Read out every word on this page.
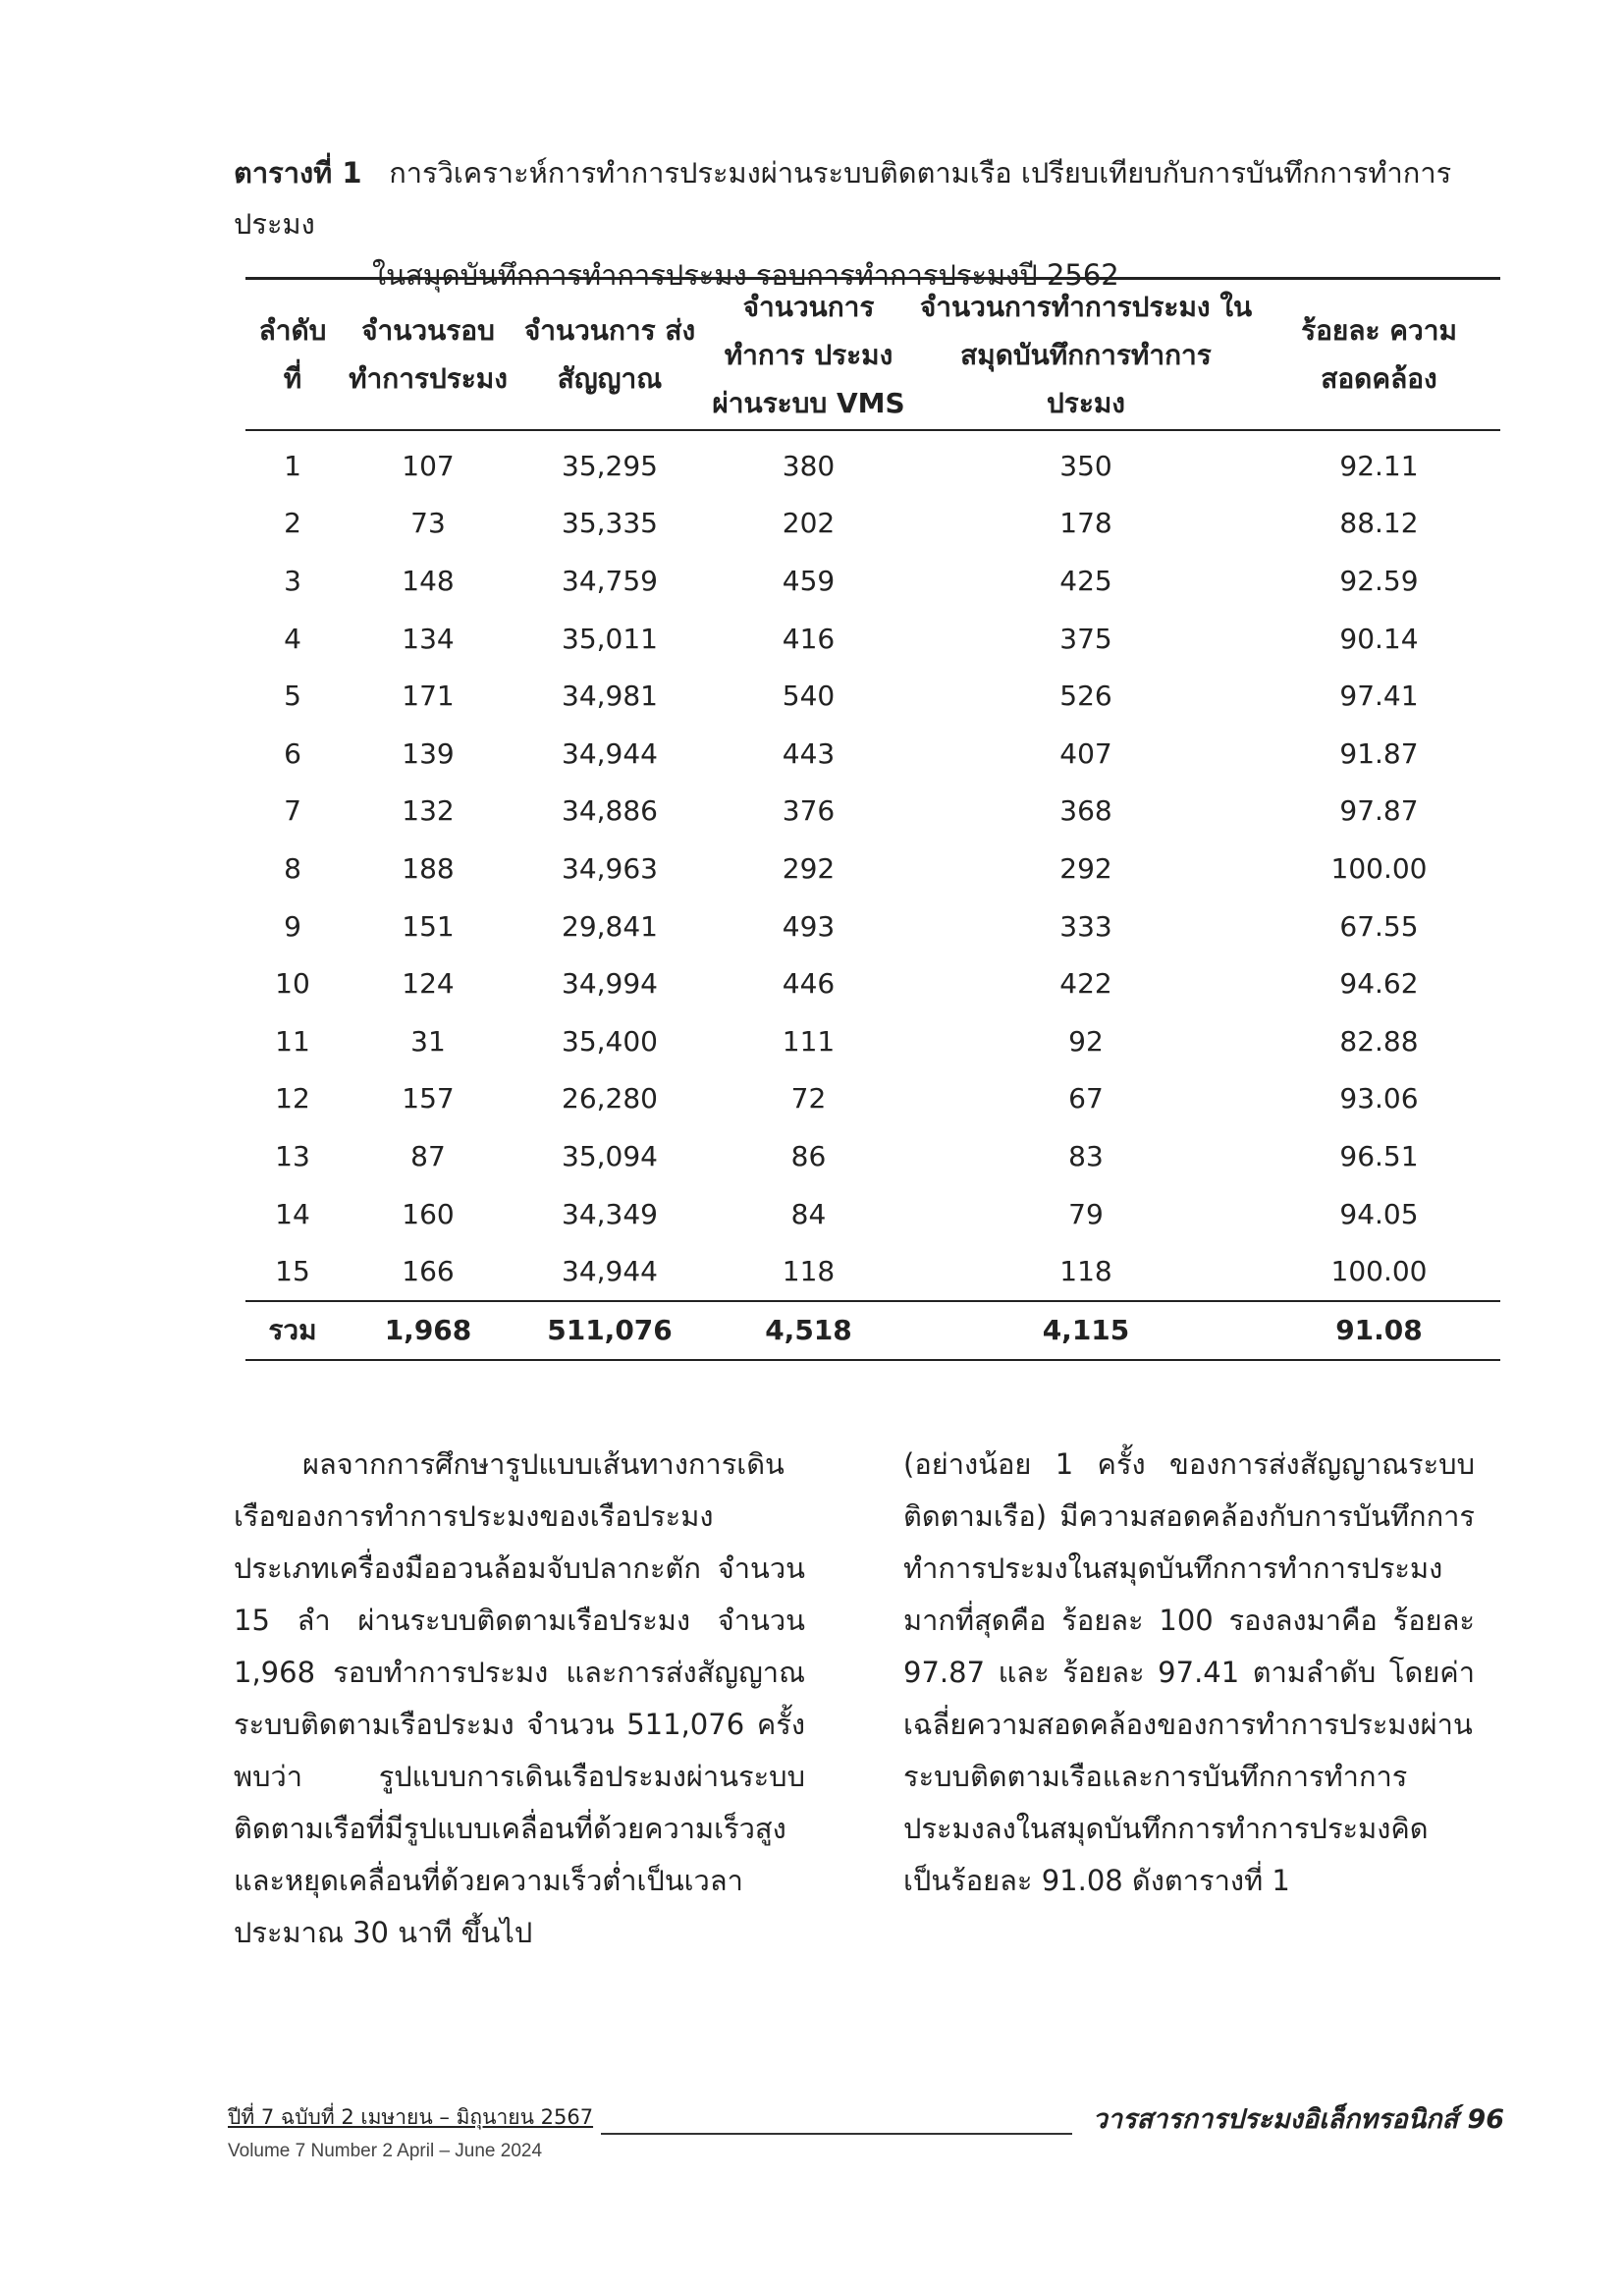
ตารางที่ 1 การวิเคราะห์การทำการประมงผ่านระบบติดตามเรือ เปรียบเทียบกับการบันทึกการทำการประมง
ในสมุดบันทึกการทำการประมง รอบการทำการประมงปี 2562
ลำดับ ที่	จำนวนรอบ ทำการประมง	จำนวนการ ส่งสัญญาณ	จำนวนการทำการ ประมงผ่านระบบ VMS	จำนวนการทำการประมง ในสมุดบันทึกการทำการ ประมง	ร้อยละ ความ สอดคล้อง
1	107	35,295	380	350	92.11
2	73	35,335	202	178	88.12
3	148	34,759	459	425	92.59
4	134	35,011	416	375	90.14
5	171	34,981	540	526	97.41
6	139	34,944	443	407	91.87
7	132	34,886	376	368	97.87
8	188	34,963	292	292	100.00
9	151	29,841	493	333	67.55
10	124	34,994	446	422	94.62
11	31	35,400	111	92	82.88
12	157	26,280	72	67	93.06
13	87	35,094	86	83	96.51
14	160	34,349	84	79	94.05
15	166	34,944	118	118	100.00
รวม	1,968	511,076	4,518	4,115	91.08
ผลจากการศึกษารูปแบบเส้นทางการเดินเรือของการทำการประมงของเรือประมงประเภทเครื่องมืออวนล้อมจับปลากะตัก จำนวน 15 ลำ ผ่านระบบติดตามเรือประมง จำนวน 1,968 รอบทำการประมง และการส่งสัญญาณระบบติดตามเรือประมง จำนวน 511,076 ครั้ง พบว่า รูปแบบการเดินเรือประมงผ่านระบบติดตามเรือที่มีรูปแบบเคลื่อนที่ด้วยความเร็วสูงและหยุดเคลื่อนที่ด้วยความเร็วต่ำเป็นเวลาประมาณ 30 นาที ขึ้นไป
(อย่างน้อย 1 ครั้ง ของการส่งสัญญาณระบบติดตามเรือ) มีความสอดคล้องกับการบันทึกการทำการประมงในสมุดบันทึกการทำการประมงมากที่สุดคือ ร้อยละ 100 รองลงมาคือ ร้อยละ 97.87 และ ร้อยละ 97.41 ตามลำดับ โดยค่าเฉลี่ยความสอดคล้องของการทำการประมงผ่านระบบติดตามเรือและการบันทึกการทำการประมงลงในสมุดบันทึกการทำการประมงคิดเป็นร้อยละ 91.08 ดังตารางที่ 1
ปีที่ 7 ฉบับที่ 2 เมษายน – มิถุนายน 2567	วารสารการประมงอิเล็กทรอนิกส์ 96
Volume 7 Number 2 April – June 2024
